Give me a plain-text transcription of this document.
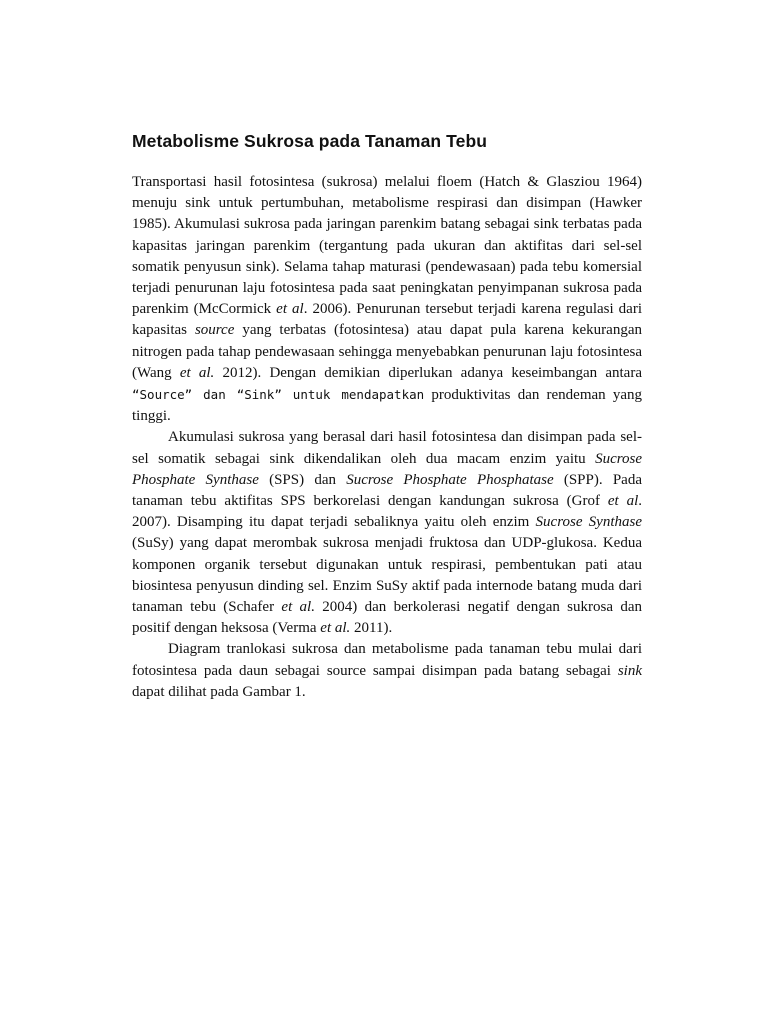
Metabolisme Sukrosa pada Tanaman Tebu

Transportasi hasil fotosintesa (sukrosa) melalui floem (Hatch & Glasziou 1964) menuju sink untuk pertumbuhan, metabolisme respirasi dan disimpan (Hawker 1985). Akumulasi sukrosa pada jaringan parenkim batang sebagai sink terbatas pada kapasitas jaringan parenkim (tergantung pada ukuran dan aktifitas dari sel-sel somatik penyusun sink). Selama tahap maturasi (pendewasaan) pada tebu komersial terjadi penurunan laju fotosintesa pada saat peningkatan penyimpanan sukrosa pada parenkim (McCormick et al. 2006). Penurunan tersebut terjadi karena regulasi dari kapasitas source yang terbatas (fotosintesa) atau dapat pula karena kekurangan nitrogen pada tahap pendewasaan sehingga menyebabkan penurunan laju fotosintesa (Wang et al. 2012). Dengan demikian diperlukan adanya keseimbangan antara “Source” dan “Sink” untuk mendapatkan produktivitas dan rendeman yang tinggi.

Akumulasi sukrosa yang berasal dari hasil fotosintesa dan disimpan pada sel-sel somatik sebagai sink dikendalikan oleh dua macam enzim yaitu Sucrose Phosphate Synthase (SPS) dan Sucrose Phosphate Phosphatase (SPP). Pada tanaman tebu aktifitas SPS berkorelasi dengan kandungan sukrosa (Grof et al. 2007). Disamping itu dapat terjadi sebaliknya yaitu oleh enzim Sucrose Synthase (SuSy) yang dapat merombak sukrosa menjadi fruktosa dan UDP-glukosa. Kedua komponen organik tersebut digunakan untuk respirasi, pembentukan pati atau biosintesa penyusun dinding sel. Enzim SuSy aktif pada internode batang muda dari tanaman tebu (Schafer et al. 2004) dan berkolerasi negatif dengan sukrosa dan positif dengan heksosa (Verma et al. 2011).

Diagram tranlokasi sukrosa dan metabolisme pada tanaman tebu mulai dari fotosintesa pada daun sebagai source sampai disimpan pada batang sebagai sink dapat dilihat pada Gambar 1.
